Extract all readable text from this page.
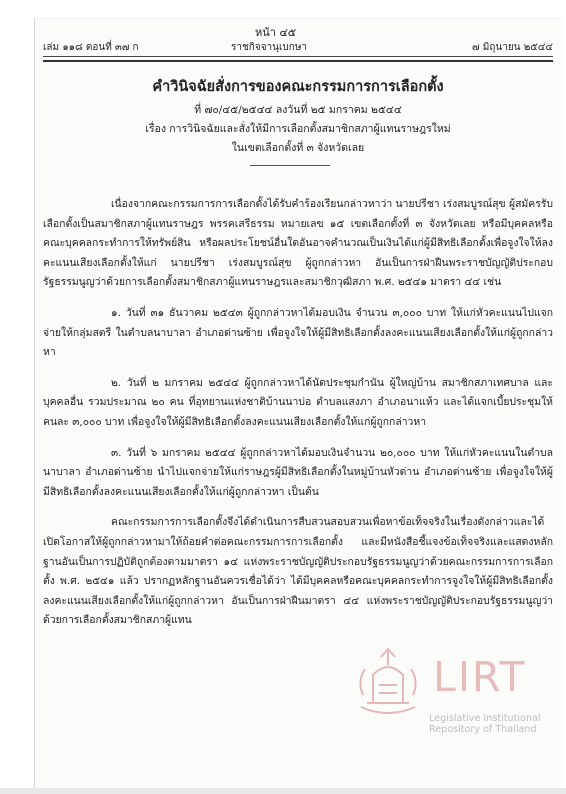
หน้า ๔๕
เล่ม ๑๑๘ ตอนที่ ๓๗ ก	ราชกิจจานุเบกษา	๗ มิถุนายน ๒๕๔๔
คำวินิจฉัยสั่งการของคณะกรรมการการเลือกตั้ง
ที่ ๗๐/๔๕/๒๕๔๔ ลงวันที่ ๒๕ มกราคม ๒๕๔๔
เรื่อง การวินิจฉัยและสั่งให้มีการเลือกตั้งสมาชิกสภาผู้แทนราษฎรใหม่
ในเขตเลือกตั้งที่ ๓ จังหวัดเลย

เนื่องจากคณะกรรมการการเลือกตั้งได้รับคำร้องเรียนกล่าวหาว่า นายปรีชา เร่งสมบูรณ์สุข ผู้สมัครรับเลือกตั้งเป็นสมาชิกสภาผู้แทนราษฎร พรรคเสรีธรรม หมายเลข ๑๕ เขตเลือกตั้งที่ ๓ จังหวัดเลย หรือมีบุคคลหรือคณะบุคคลกระทำการให้ทรัพย์สิน หรือผลประโยชน์อื่นใดอันอาจคำนวณเป็นเงินได้แก่ผู้มีสิทธิเลือกตั้งเพื่อจูงใจให้ลงคะแนนเสียงเลือกตั้งให้แก่ นายปรีชา เร่งสมบูรณ์สุข ผู้ถูกกล่าวหา อันเป็นการฝ่าฝืนพระราชบัญญัติประกอบรัฐธรรมนูญว่าด้วยการเลือกตั้งสมาชิกสภาผู้แทนราษฎรและสมาชิกวุฒิสภา พ.ศ. ๒๕๔๑ มาตรา ๔๔ เช่น

๑. วันที่ ๓๑ ธันวาคม ๒๕๔๓ ผู้ถูกกล่าวหาได้มอบเงิน จำนวน ๓,๐๐๐ บาท ให้แก่หัวคะแนนไปแจกจ่ายให้กลุ่มสตรี ในตำบลนาบาลา อำเภอด่านซ้าย เพื่อจูงใจให้ผู้มีสิทธิเลือกตั้งลงคะแนนเสียงเลือกตั้งให้แก่ผู้ถูกกล่าวหา

๒. วันที่ ๒ มกราคม ๒๕๔๔ ผู้ถูกกล่าวหาได้นัดประชุมกำนัน ผู้ใหญ่บ้าน สมาชิกสภาเทศบาล และบุคคลอื่น รวมประมาณ ๒๐ คน ที่อุทยานแห่งชาติบ้านนาบ่อ ตำบลแสงภา อำเภอนาแห้ว และได้แจกเบี้ยประชุมให้คนละ ๓,๐๐๐ บาท เพื่อจูงใจให้ผู้มีสิทธิเลือกตั้งลงคะแนนเสียงเลือกตั้งให้แก่ผู้ถูกกล่าวหา

๓. วันที่ ๖ มกราคม ๒๕๔๔ ผู้ถูกกล่าวหาได้มอบเงินจำนวน ๒๐,๐๐๐ บาท ให้แก่หัวคะแนนในตำบลนาบาลา อำเภอด่านซ้าย นำไปแจกจ่ายให้แก่ราษฎรผู้มีสิทธิเลือกตั้งในหมู่บ้านหัวด่าน อำเภอด่านซ้าย เพื่อจูงใจให้ผู้มีสิทธิเลือกตั้งลงคะแนนเสียงเลือกตั้งให้แก่ผู้ถูกกล่าวหา เป็นต้น

คณะกรรมการการเลือกตั้งจึงได้ดำเนินการสืบสวนสอบสวนเพื่อหาข้อเท็จจริงในเรื่องดังกล่าวและได้เปิดโอกาสให้ผู้ถูกกล่าวหามาให้ถ้อยคำต่อคณะกรรมการการเลือกตั้ง และมีหนังสือชี้แจงข้อเท็จจริงและแสดงหลักฐานอันเป็นการปฏิบัติถูกต้องตามมาตรา ๑๔ แห่งพระราชบัญญัติประกอบรัฐธรรมนูญว่าด้วยคณะกรรมการการเลือกตั้ง พ.ศ. ๒๕๔๑ แล้ว ปรากฏหลักฐานอันควรเชื่อได้ว่า ได้มีบุคคลหรือคณะบุคคลกระทำการจูงใจให้ผู้มีสิทธิเลือกตั้งลงคะแนนเสียงเลือกตั้งให้แก่ผู้ถูกกล่าวหา อันเป็นการฝ่าฝืนมาตรา ๔๔ แห่งพระราชบัญญัติประกอบรัฐธรรมนูญว่าด้วยการเลือกตั้งสมาชิกสภาผู้แทน

LIRT
Legislative Institutional Repository of Thailand
